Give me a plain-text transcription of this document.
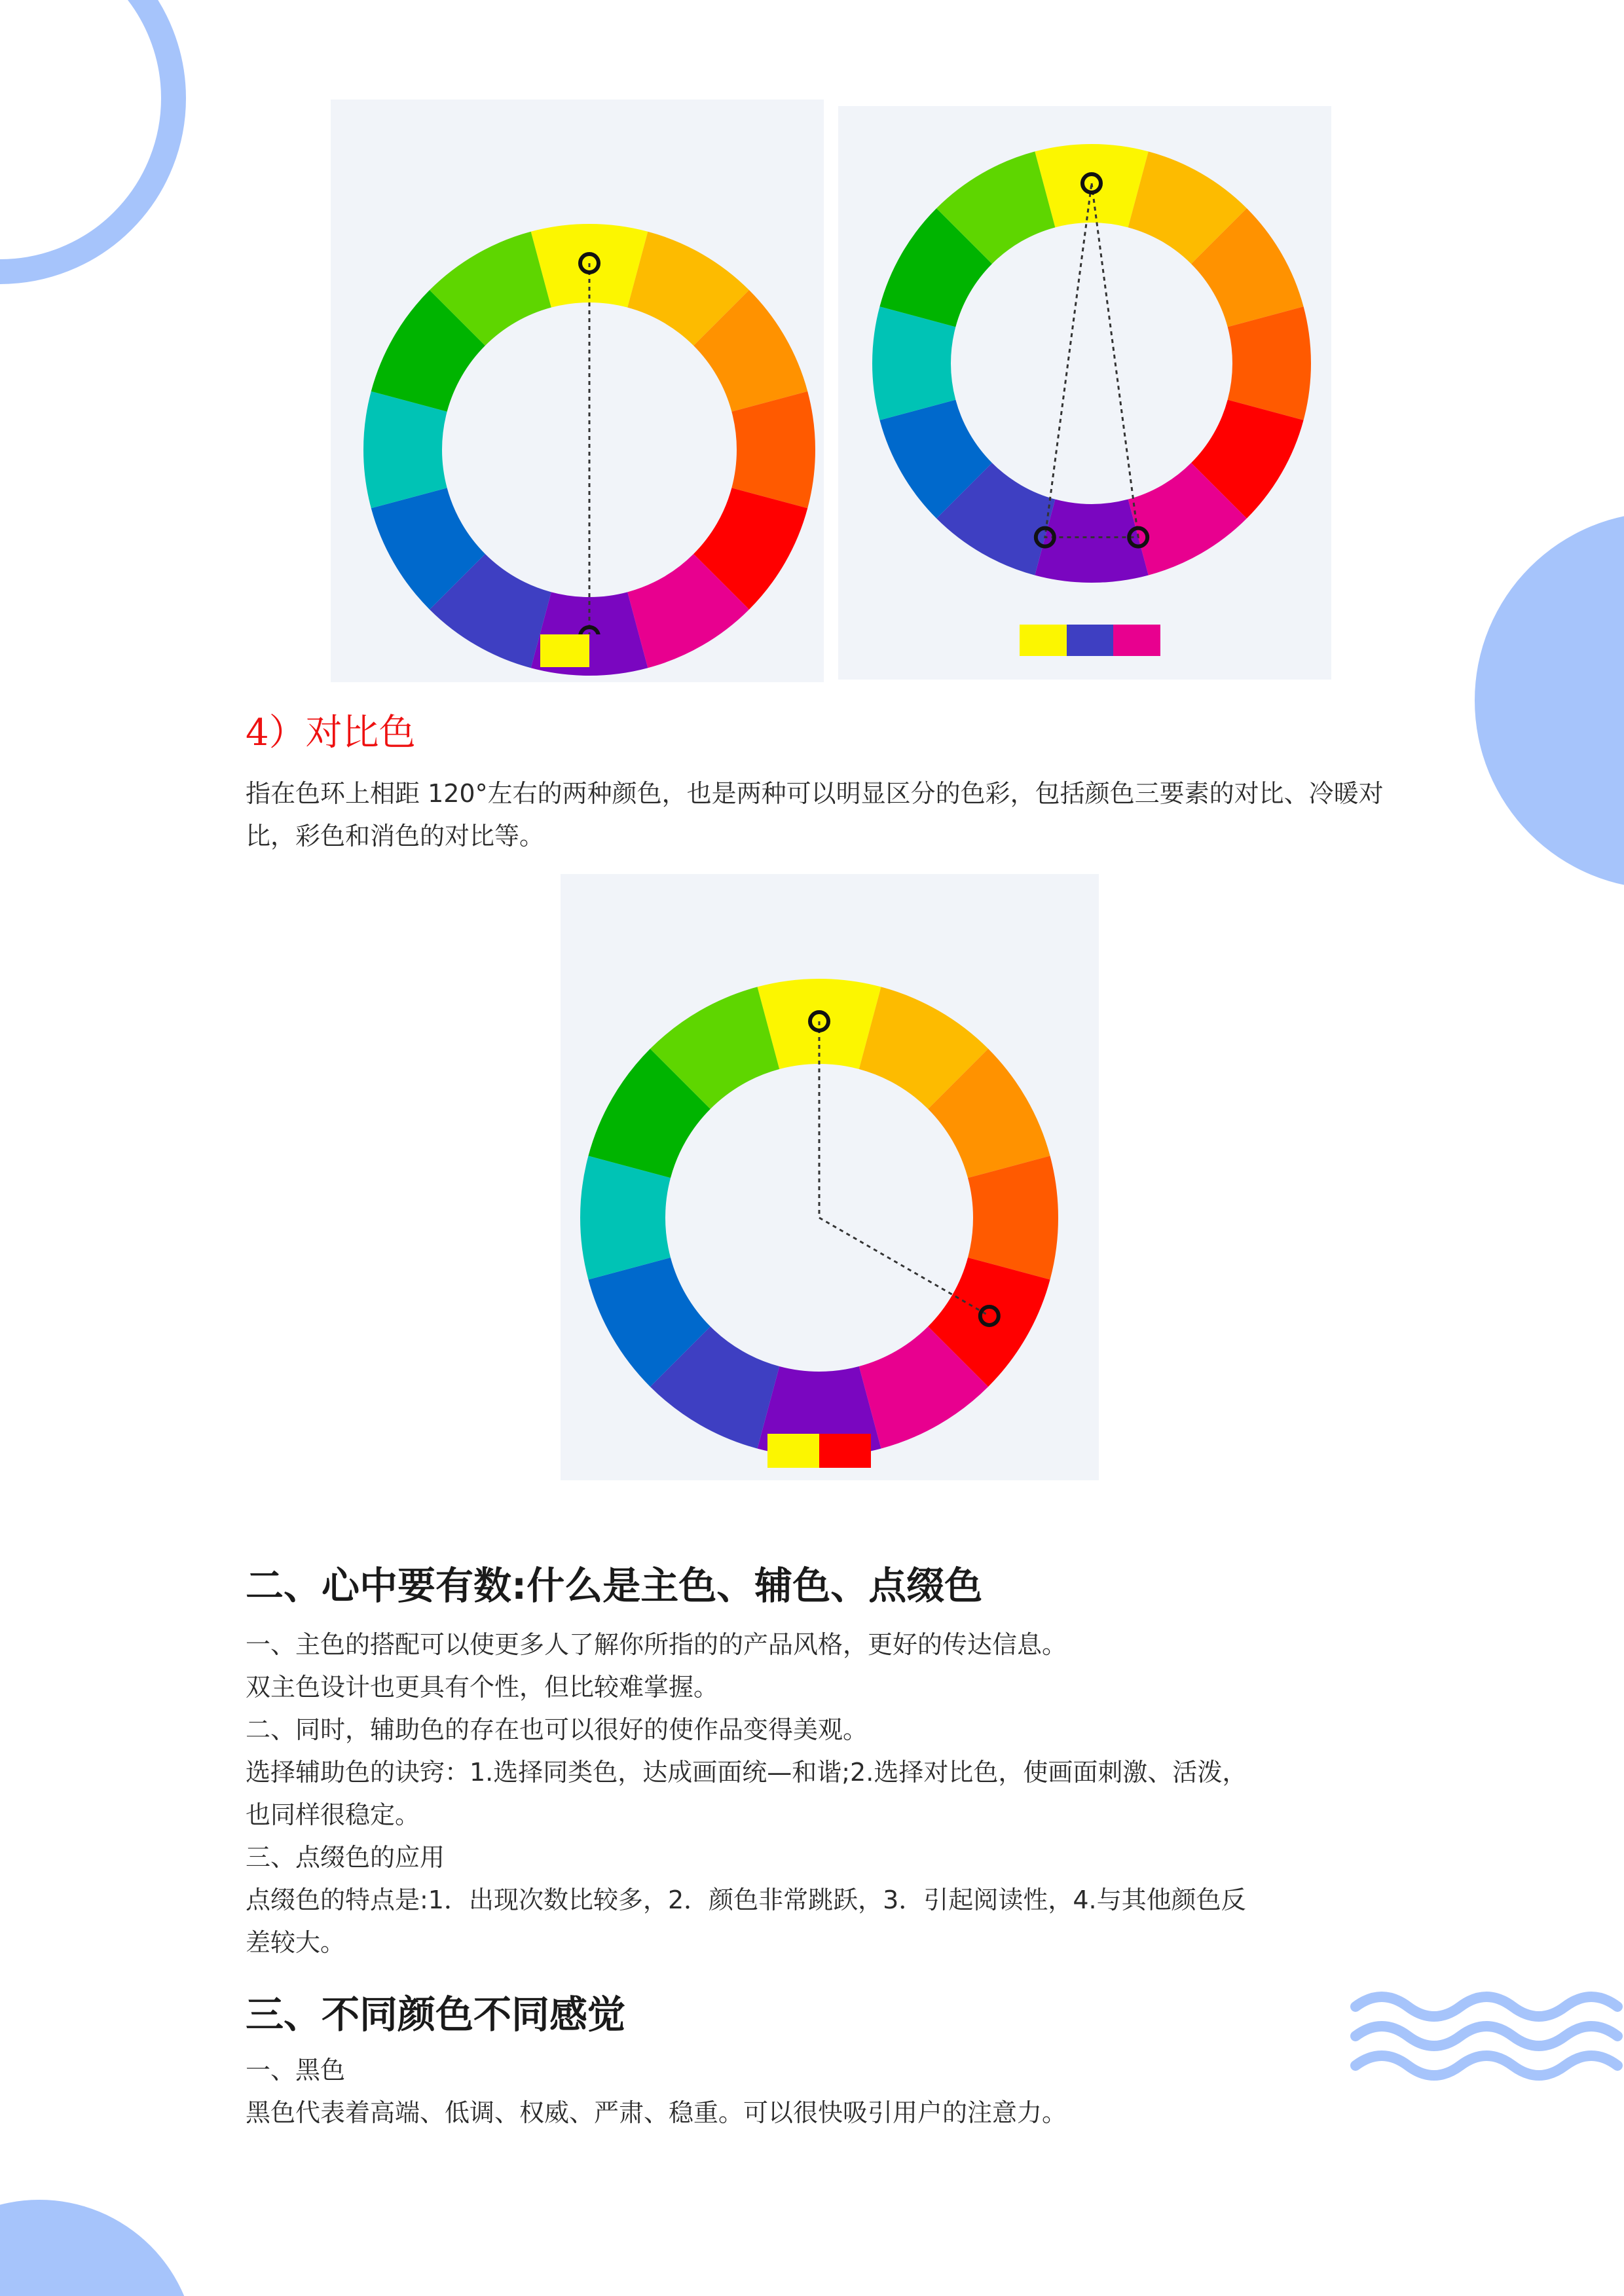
4）对比色

指在色环上相距 120°左右的两种颜色，也是两种可以明显区分的色彩，包括颜色三要素的对比、冷暖对比，彩色和消色的对比等。

二、心中要有数:什么是主色、辅色、点缀色
一、主色的搭配可以使更多人了解你所指的的产品风格，更好的传达信息。
双主色设计也更具有个性，但比较难掌握。
二、同时，辅助色的存在也可以很好的使作品变得美观。
选择辅助色的诀窍：1.选择同类色，达成画面统—和谐;2.选择对比色，使画面刺激、活泼，
也同样很稳定。
三、点缀色的应用
点缀色的特点是:1．出现次数比较多，2．颜色非常跳跃，3．引起阅读性，4.与其他颜色反
差较大。
三、不同颜色不同感觉
一、黑色
黑色代表着高端、低调、权威、严肃、稳重。可以很快吸引用户的注意力。
